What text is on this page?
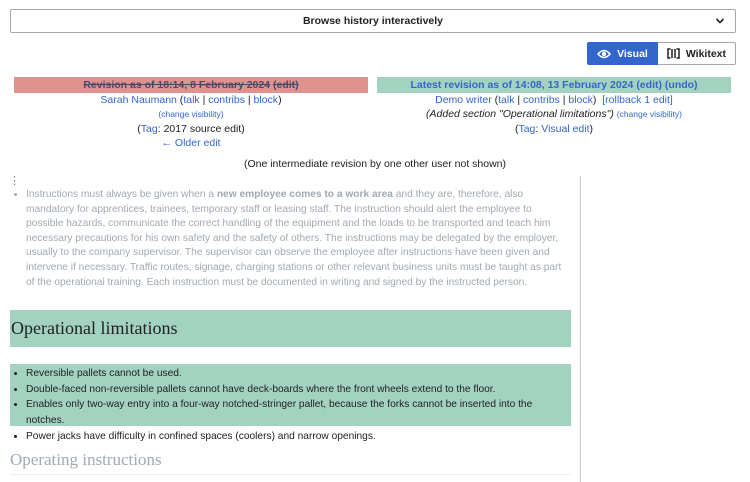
Browse history interactively
Visual	Wikitext
Revision as of 18:14, 8 February 2024 (edit)
Sarah Naumann (talk | contribs | block)
(change visibility)
(Tag: 2017 source edit)
← Older edit
Latest revision as of 14:08, 13 February 2024 (edit) (undo)
Demo writer (talk | contribs | block)  [rollback 1 edit]
(Added section "Operational limitations") (change visibility)
(Tag: Visual edit)
(One intermediate revision by one other user not shown)
⋮
• Instructions must always be given when a new employee comes to a work area and they are, therefore, also mandatory for apprentices, trainees, temporary staff or leasing staff. The instruction should alert the employee to possible hazards, communicate the correct handling of the equipment and the loads to be transported and teach him necessary precautions for his own safety and the safety of others. The instructions may be delegated by the employer, usually to the company supervisor. The supervisor can observe the employee after instructions have been given and intervene if necessary. Traffic routes, signage, charging stations or other relevant business units must be taught as part of the operational training. Each instruction must be documented in writing and signed by the instructed person.
Operational limitations
• Reversible pallets cannot be used.
• Double-faced non-reversible pallets cannot have deck-boards where the front wheels extend to the floor.
• Enables only two-way entry into a four-way notched-stringer pallet, because the forks cannot be inserted into the notches.
• Power jacks have difficulty in confined spaces (coolers) and narrow openings.
Operating instructions
